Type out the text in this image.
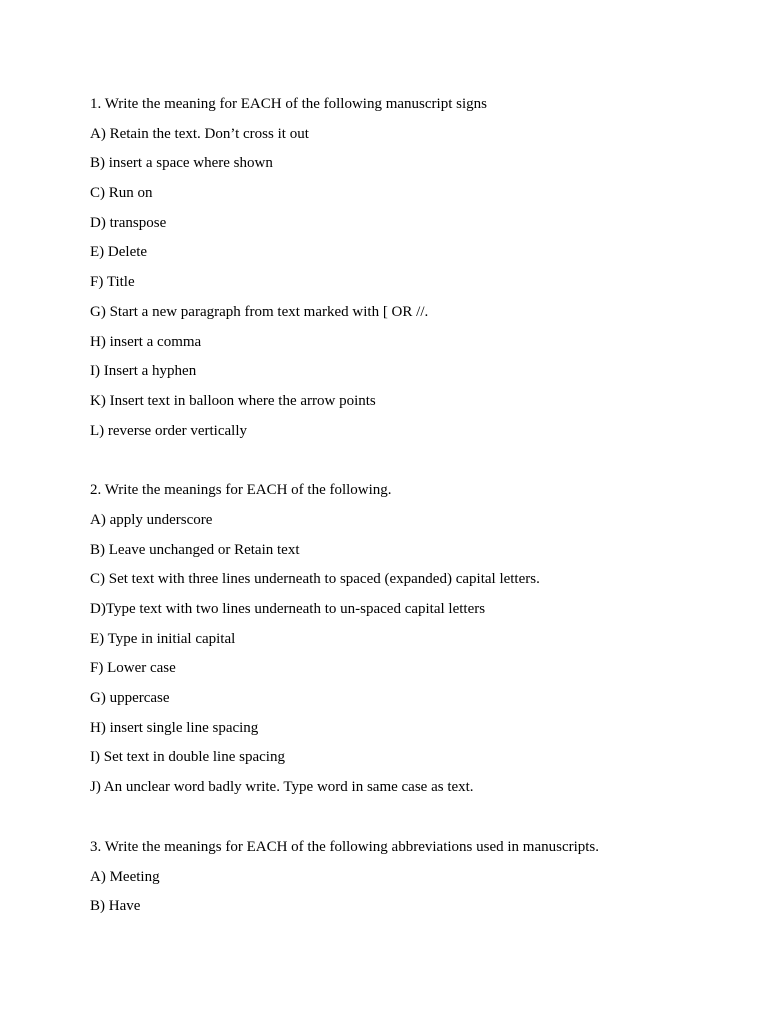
1. Write the meaning for EACH of the following manuscript signs
A) Retain the text. Don’t cross it out
B) insert a space where shown
C) Run on
D) transpose
E) Delete
F) Title
G) Start a new paragraph from text marked with [ OR //.
H) insert a comma
I) Insert a hyphen
K) Insert text in balloon where the arrow points
L) reverse order vertically
2. Write the meanings for EACH of the following.
A) apply underscore
B) Leave unchanged or Retain text
C) Set text with three lines underneath to spaced (expanded) capital letters.
D)Type text with two lines underneath to un-spaced capital letters
E) Type in initial capital
F) Lower case
G) uppercase
H) insert single line spacing
I) Set text in double line spacing
J) An unclear word badly write. Type word in same case as text.
3. Write the meanings for EACH of the following abbreviations used in manuscripts.
A) Meeting
B) Have
